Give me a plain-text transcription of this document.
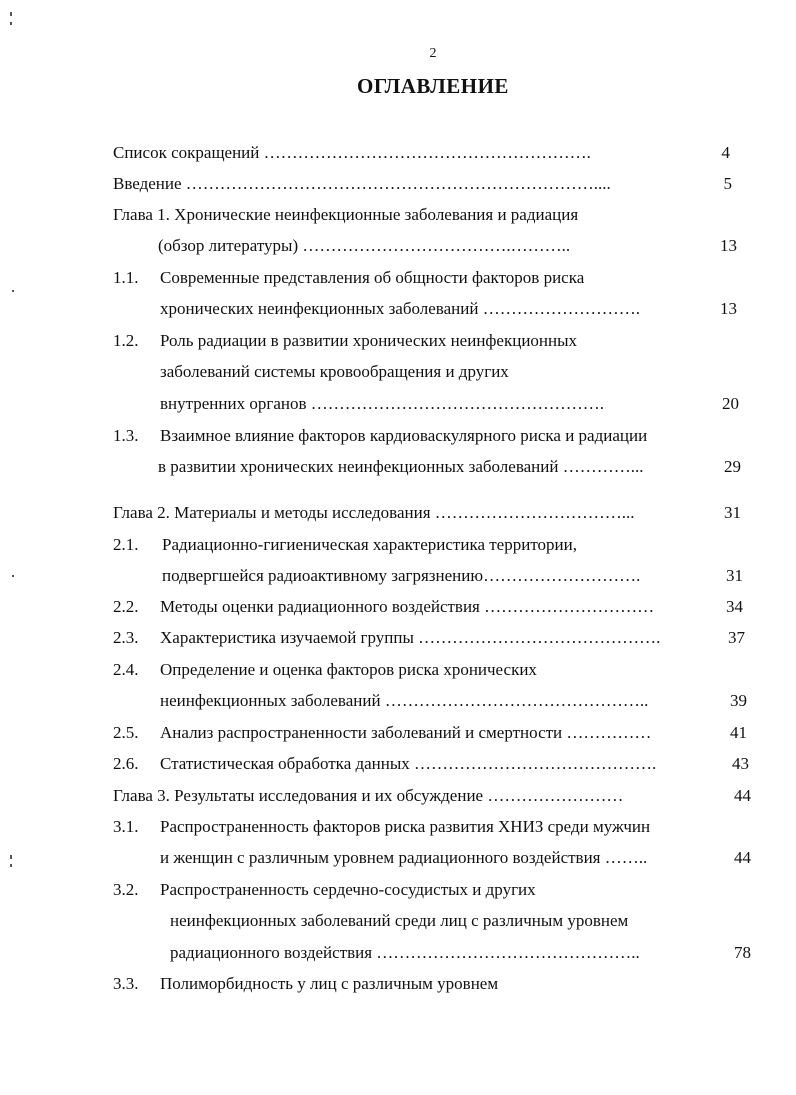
2
ОГЛАВЛЕНИЕ
Список сокращений ………………………………………………….	4
Введение ………………………………………………………………....	5
Глава 1. Хронические неинфекционные заболевания и радиация
(обзор литературы) ……………………………….………..	13
1.1. Современные представления об общности факторов риска
хронических неинфекционных заболеваний ……………………….	13
1.2. Роль радиации в развитии хронических неинфекционных
заболеваний системы кровообращения и других
внутренних органов …………………………………………….	20
1.3. Взаимное влияние факторов кардиоваскулярного риска и радиации
в развитии хронических неинфекционных заболеваний …………...	29
Глава 2. Материалы и методы исследования ……………………………...	31
2.1. Радиационно-гигиеническая характеристика территории,
подвергшейся радиоактивному загрязнению……………………….	31
2.2. Методы оценки радиационного воздействия …………………………	34
2.3. Характеристика изучаемой группы …………………………………….	37
2.4. Определение и оценка факторов риска хронических
неинфекционных заболеваний ………………………………………..	39
2.5. Анализ распространенности заболеваний и смертности ……………	41
2.6. Статистическая обработка данных …………………………………….	43
Глава 3. Результаты исследования и их обсуждение ……………………	44
3.1. Распространенность факторов риска развития ХНИЗ среди мужчин
и женщин с различным уровнем радиационного воздействия ……..	44
3.2. Распространенность сердечно-сосудистых и других
неинфекционных заболеваний среди лиц с различным уровнем
радиационного воздействия ………………………………………..	78
3.3. Полиморбидность у лиц с различным уровнем
